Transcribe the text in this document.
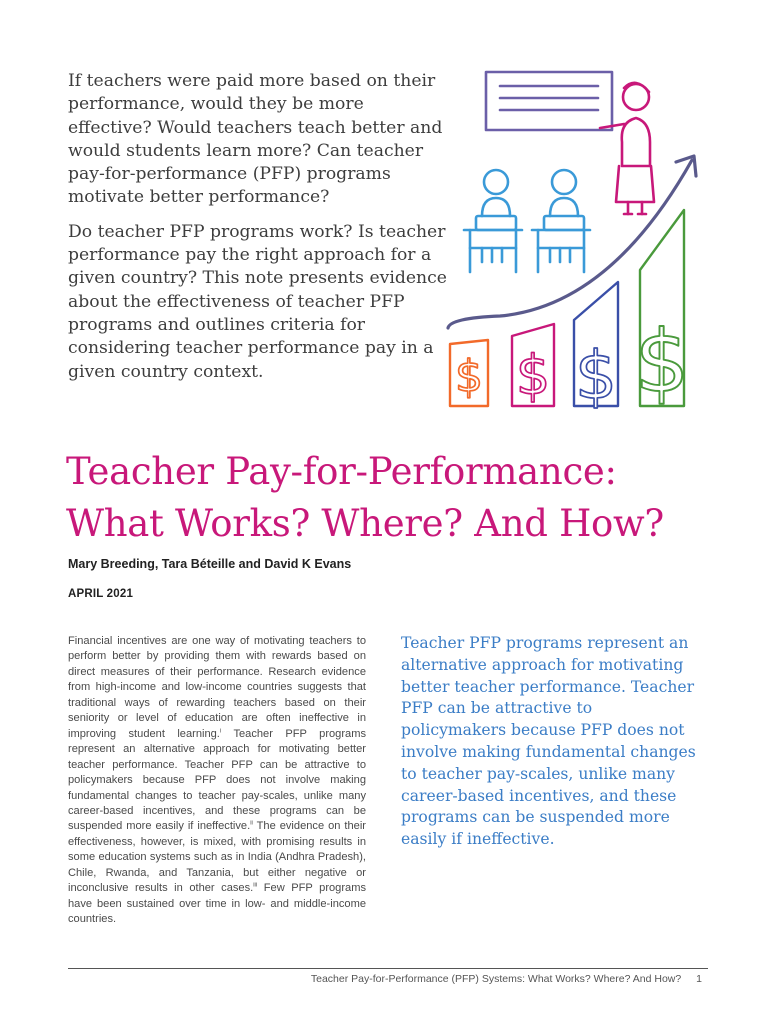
If teachers were paid more based on their performance, would they be more effective? Would teachers teach better and would students learn more? Can teacher pay-for-performance (PFP) programs motivate better performance?

Do teacher PFP programs work? Is teacher performance pay the right approach for a given country? This note presents evidence about the effectiveness of teacher PFP programs and outlines criteria for considering teacher performance pay in a given country context.	$ $ $ $
Teacher Pay-for-Performance:
What Works? Where? And How?
Mary Breeding, Tara Béteille and David K Evans
APRIL 2021
Financial incentives are one way of motivating teachers to perform better by providing them with rewards based on direct measures of their performance. Research evidence from high-income and low-income countries suggests that traditional ways of rewarding teachers based on their seniority or level of education are often ineffective in improving student learning.$^i$ Teacher PFP programs represent an alternative approach for motivating better teacher performance. Teacher PFP can be attractive to policymakers because PFP does not involve making fundamental changes to teacher pay-scales, unlike many career-based incentives, and these programs can be suspended more easily if ineffective.$^{ii}$ The evidence on their effectiveness, however, is mixed, with promising results in some education systems such as in India (Andhra Pradesh), Chile, Rwanda, and Tanzania, but either negative or inconclusive results in other cases.$^{iii}$ Few PFP programs have been sustained over time in low- and middle-income countries.
Teacher PFP programs represent an alternative approach for motivating better teacher performance. Teacher PFP can be attractive to policymakers because PFP does not involve making fundamental changes to teacher pay-scales, unlike many career-based incentives, and these programs can be suspended more easily if ineffective.
Teacher Pay-for-Performance (PFP) Systems: What Works? Where? And How? 1
